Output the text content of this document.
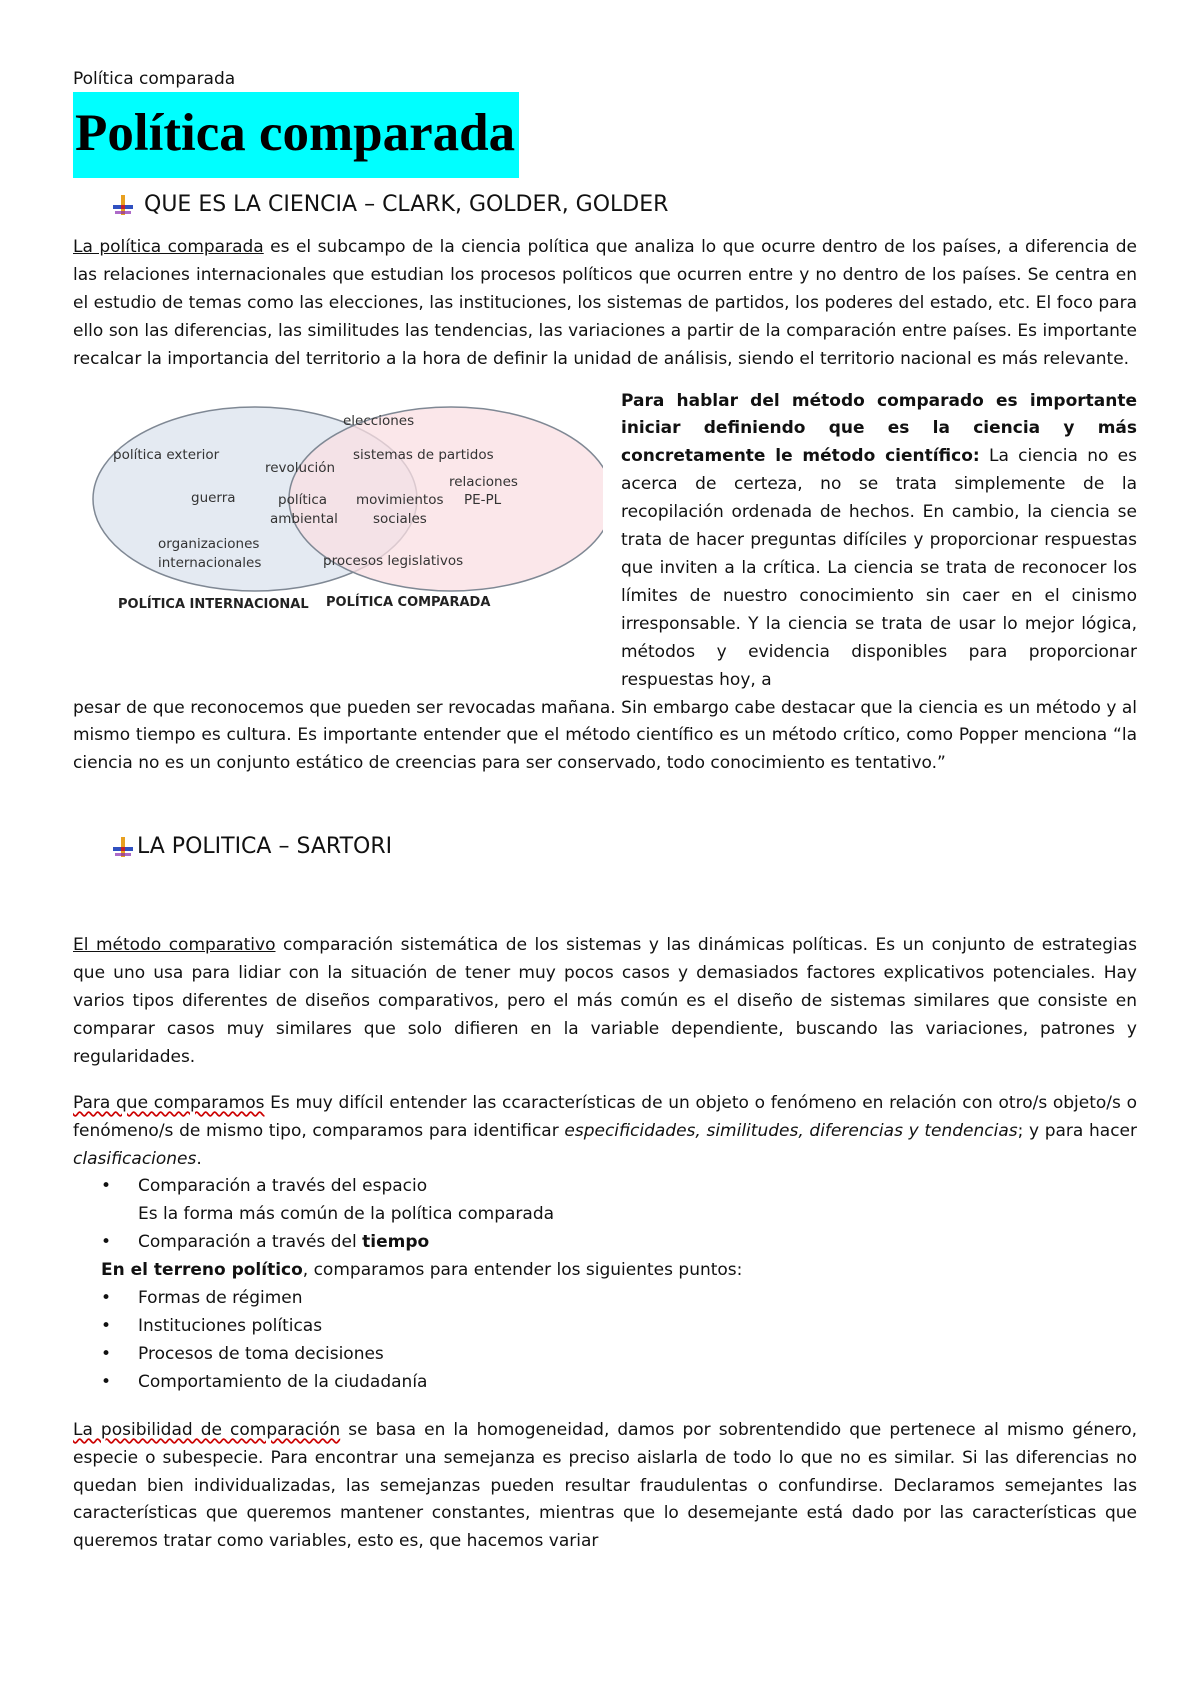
Política comparada

Política comparada
QUE ES LA CIENCIA – CLARK, GOLDER, GOLDER

La política comparada es el subcampo de la ciencia política que analiza lo que ocurre dentro de los países, a diferencia de las relaciones internacionales que estudian los procesos políticos que ocurren entre y no dentro de los países. Se centra en el estudio de temas como las elecciones, las instituciones, los sistemas de partidos, los poderes del estado, etc. El foco para ello son las diferencias, las similitudes las tendencias, las variaciones a partir de la comparación entre países. Es importante recalcar la importancia del territorio a la hora de definir la unidad de análisis, siendo el territorio nacional es más relevante.

política exterior
guerra
organizaciones
internacionales
revolución
política
ambiental
elecciones
sistemas de partidos
relaciones
PE-PL
movimientos
sociales
procesos legislativos
POLÍTICA INTERNACIONAL POLÍTICA COMPARADA

Para hablar del método comparado es importante iniciar definiendo que es la ciencia y más concretamente le método científico: La ciencia no es acerca de certeza, no se trata simplemente de la recopilación ordenada de hechos. En cambio, la ciencia se trata de hacer preguntas difíciles y proporcionar respuestas que inviten a la crítica. La ciencia se trata de reconocer los límites de nuestro conocimiento sin caer en el cinismo irresponsable. Y la ciencia se trata de usar lo mejor lógica, métodos y evidencia disponibles para proporcionar respuestas hoy, a

pesar de que reconocemos que pueden ser revocadas mañana. Sin embargo cabe destacar que la ciencia es un método y al mismo tiempo es cultura. Es importante entender que el método científico es un método crítico, como Popper menciona “la ciencia no es un conjunto estático de creencias para ser conservado, todo conocimiento es tentativo.”

LA POLITICA – SARTORI

El método comparativo comparación sistemática de los sistemas y las dinámicas políticas. Es un conjunto de estrategias que uno usa para lidiar con la situación de tener muy pocos casos y demasiados factores explicativos potenciales. Hay varios tipos diferentes de diseños comparativos, pero el más común es el diseño de sistemas similares que consiste en comparar casos muy similares que solo difieren en la variable dependiente, buscando las variaciones, patrones y regularidades.

Para que comparamos Es muy difícil entender las ccaracterísticas de un objeto o fenómeno en relación con otro/s objeto/s o fenómeno/s de mismo tipo, comparamos para identificar especificidades, similitudes, diferencias y tendencias; y para hacer clasificaciones.

• Comparación a través del espacio
Es la forma más común de la política comparada
• Comparación a través del tiempo
En el terreno político, comparamos para entender los siguientes puntos:
• Formas de régimen
• Instituciones políticas
• Procesos de toma decisiones
• Comportamiento de la ciudadanía

La posibilidad de comparación se basa en la homogeneidad, damos por sobrentendido que pertenece al mismo género, especie o subespecie. Para encontrar una semejanza es preciso aislarla de todo lo que no es similar. Si las diferencias no quedan bien individualizadas, las semejanzas pueden resultar fraudulentas o confundirse. Declaramos semejantes las características que queremos mantener constantes, mientras que lo desemejante está dado por las características que queremos tratar como variables, esto es, que hacemos variar
